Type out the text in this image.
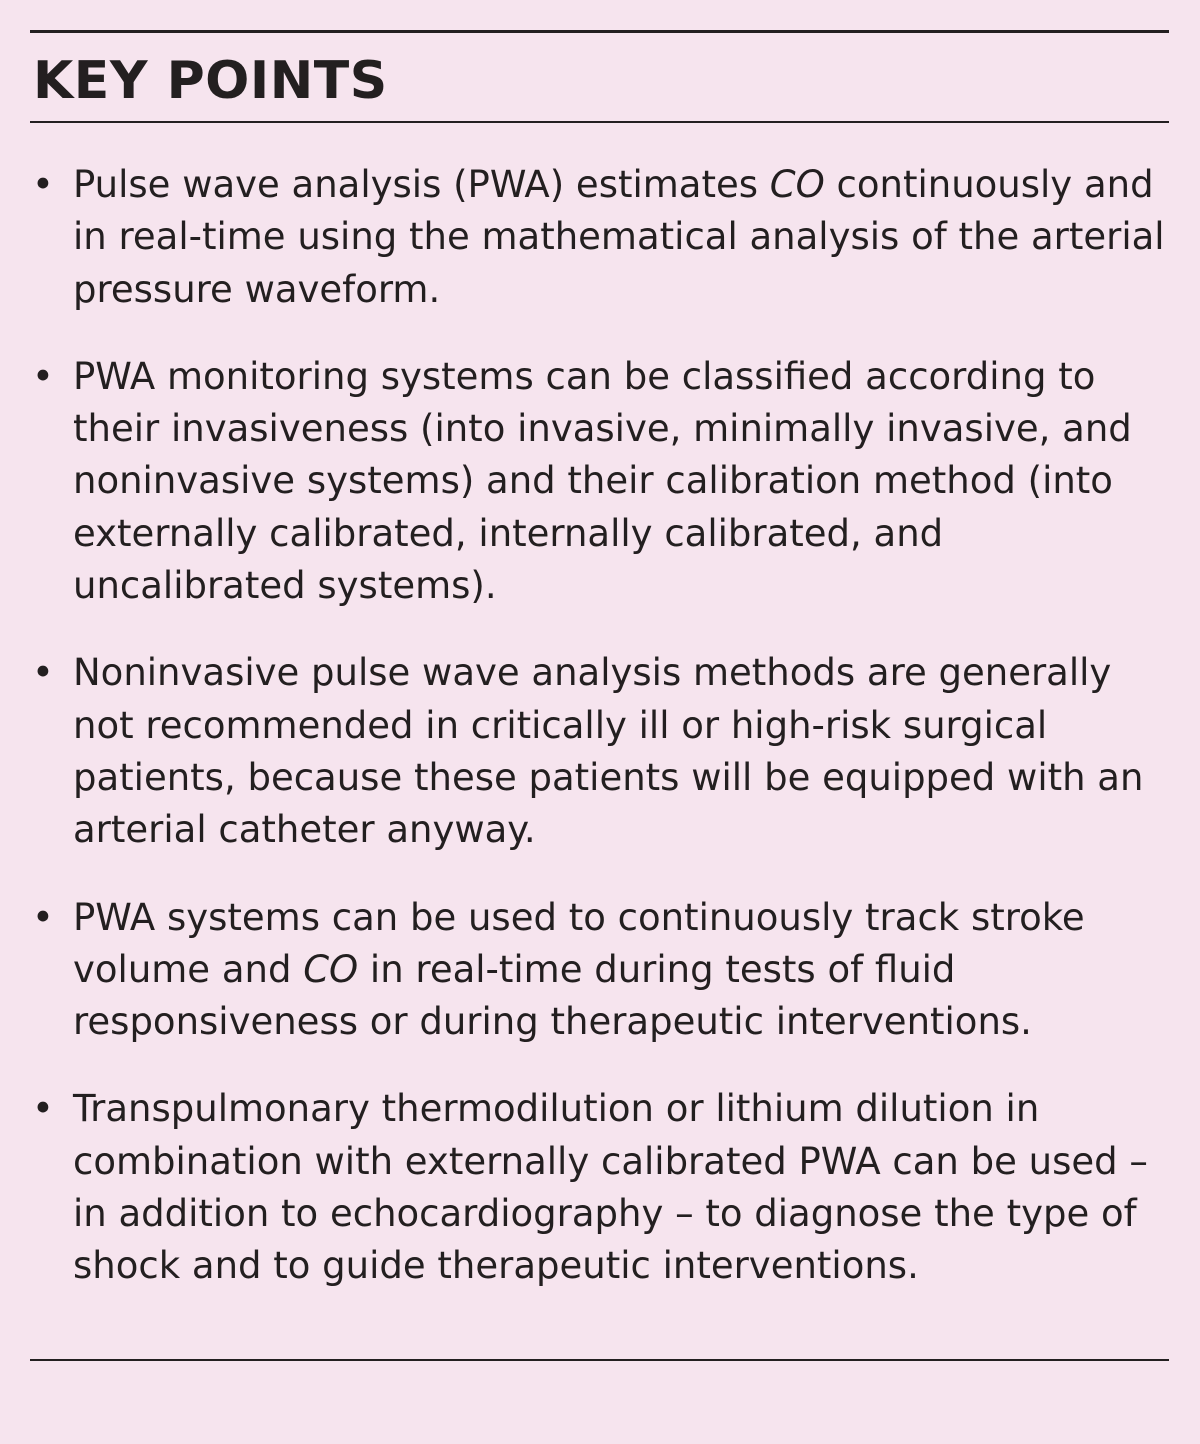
KEY POINTS
• Pulse wave analysis (PWA) estimates CO continuously and in real-time using the mathematical analysis of the arterial pressure waveform.
• PWA monitoring systems can be classified according to their invasiveness (into invasive, minimally invasive, and noninvasive systems) and their calibration method (into externally calibrated, internally calibrated, and uncalibrated systems).
• Noninvasive pulse wave analysis methods are generally not recommended in critically ill or high-risk surgical patients, because these patients will be equipped with an arterial catheter anyway.
• PWA systems can be used to continuously track stroke volume and CO in real-time during tests of fluid responsiveness or during therapeutic interventions.
• Transpulmonary thermodilution or lithium dilution in combination with externally calibrated PWA can be used – in addition to echocardiography – to diagnose the type of shock and to guide therapeutic interventions.
